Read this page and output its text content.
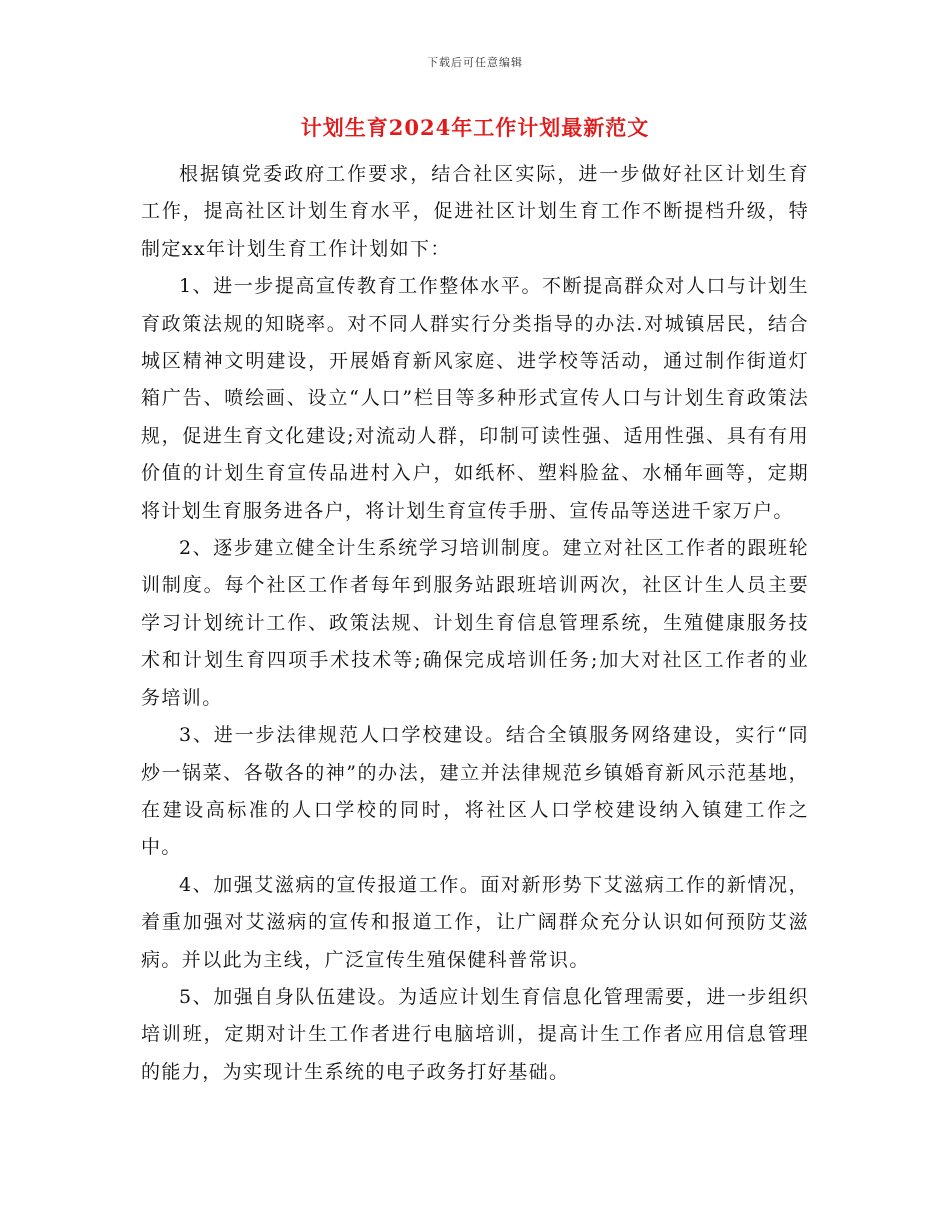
下载后可任意编辑
计划生育2024年工作计划最新范文

根据镇党委政府工作要求，结合社区实际，进一步做好社区计划生育工作，提高社区计划生育水平，促进社区计划生育工作不断提档升级，特制定xx年计划生育工作计划如下：

1、进一步提高宣传教育工作整体水平。不断提高群众对人口与计划生育政策法规的知晓率。对不同人群实行分类指导的办法.对城镇居民，结合城区精神文明建设，开展婚育新风家庭、进学校等活动，通过制作街道灯箱广告、喷绘画、设立“人口”栏目等多种形式宣传人口与计划生育政策法规，促进生育文化建设;对流动人群，印制可读性强、适用性强、具有有用价值的计划生育宣传品进村入户，如纸杯、塑料脸盆、水桶年画等，定期将计划生育服务进各户，将计划生育宣传手册、宣传品等送进千家万户。

2、逐步建立健全计生系统学习培训制度。建立对社区工作者的跟班轮训制度。每个社区工作者每年到服务站跟班培训两次，社区计生人员主要学习计划统计工作、政策法规、计划生育信息管理系统，生殖健康服务技术和计划生育四项手术技术等;确保完成培训任务;加大对社区工作者的业务培训。

3、进一步法律规范人口学校建设。结合全镇服务网络建设，实行“同炒一锅菜、各敬各的神”的办法，建立并法律规范乡镇婚育新风示范基地，在建设高标准的人口学校的同时，将社区人口学校建设纳入镇建工作之中。

4、加强艾滋病的宣传报道工作。面对新形势下艾滋病工作的新情况，着重加强对艾滋病的宣传和报道工作，让广阔群众充分认识如何预防艾滋病。并以此为主线，广泛宣传生殖保健科普常识。

5、加强自身队伍建设。为适应计划生育信息化管理需要，进一步组织培训班，定期对计生工作者进行电脑培训，提高计生工作者应用信息管理的能力，为实现计生系统的电子政务打好基础。
